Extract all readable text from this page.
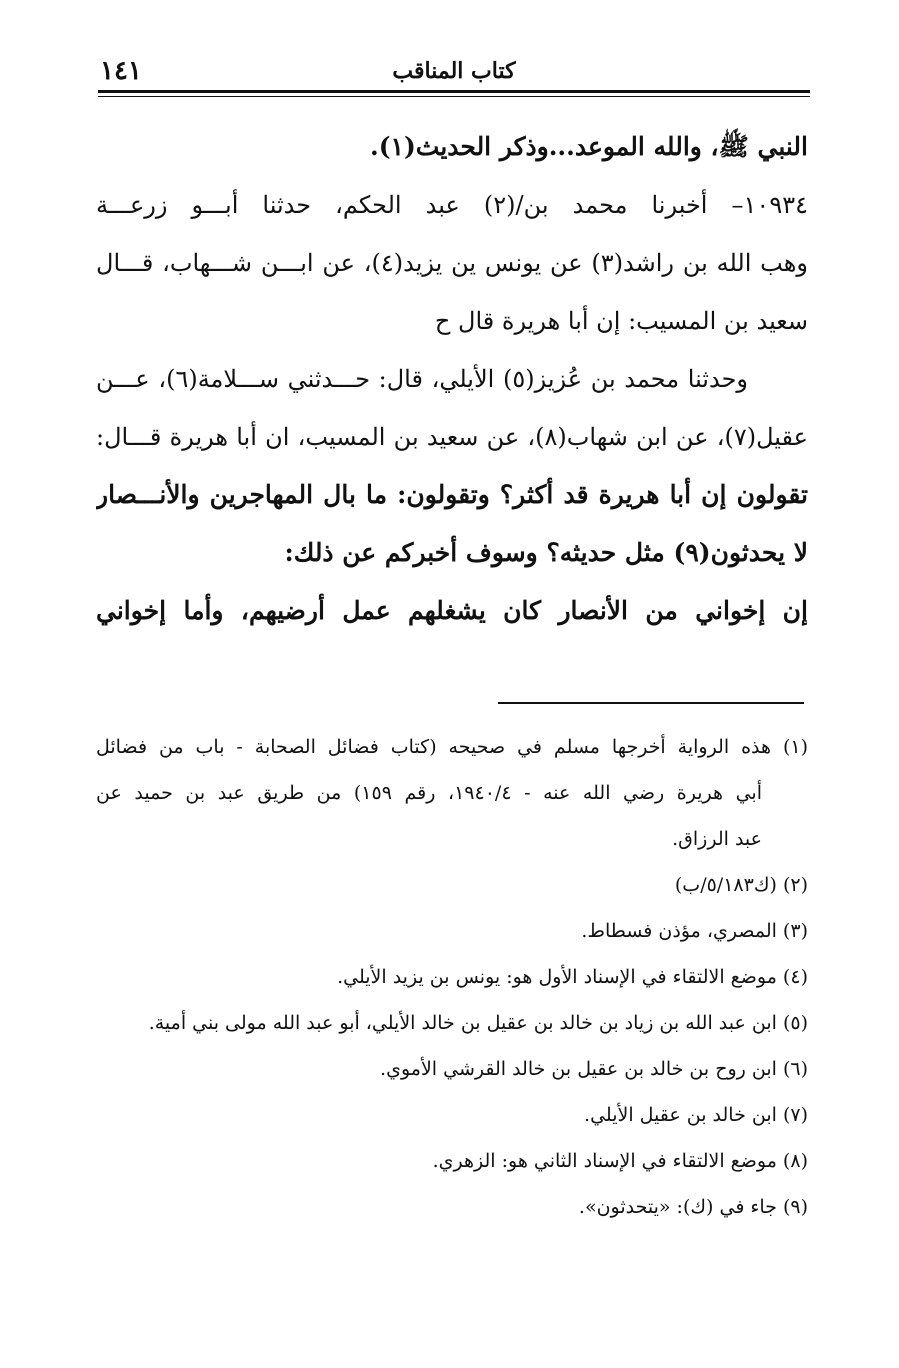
١٤١	كتاب المناقب
النبي ﷺ، والله الموعد...وذكر الحديث(١).
١٠٩٣٤– أخبرنا محمد بن/(٢) عبد الحكم، حدثنا أبـــو زرعـــة
وهب الله بن راشد(٣) عن يونس ين يزيد(٤)، عن ابـــن شـــهاب، قـــال
سعيد بن المسيب: إن أبا هريرة قال ح
وحدثنا محمد بن عُزيز(٥) الأيلي، قال: حـــدثني ســـلامة(٦)، عـــن
عقيل(٧)، عن ابن شهاب(٨)، عن سعيد بن المسيب، ان أبا هريرة قـــال:
تقولون إن أبا هريرة قد أكثر؟ وتقولون: ما بال المهاجرين والأنـــصار
لا يحدثون(٩) مثل حديثه؟ وسوف أخبركم عن ذلك:
إن إخواني من الأنصار كان يشغلهم عمل أرضيهم، وأما إخواني
(١) هذه الرواية أخرجها مسلم في صحيحه (كتاب فضائل الصحابة - باب من فضائل
أبي هريرة رضي الله عنه - ١٩٤٠/٤، رقم ١٥٩) من طريق عبد بن حميد عن
عبد الرزاق.
(٢) (ك٥/١٨٣/ب)
(٣) المصري، مؤذن فسطاط.
(٤) موضع الالتقاء في الإسناد الأول هو: يونس بن يزيد الأيلي.
(٥) ابن عبد الله بن زياد بن خالد بن عقيل بن خالد الأيلي، أبو عبد الله مولى بني أمية.
(٦) ابن روح بن خالد بن عقيل بن خالد القرشي الأموي.
(٧) ابن خالد بن عقيل الأيلي.
(٨) موضع الالتقاء في الإسناد الثاني هو: الزهري.
(٩) جاء في (ك): «يتحدثون».
